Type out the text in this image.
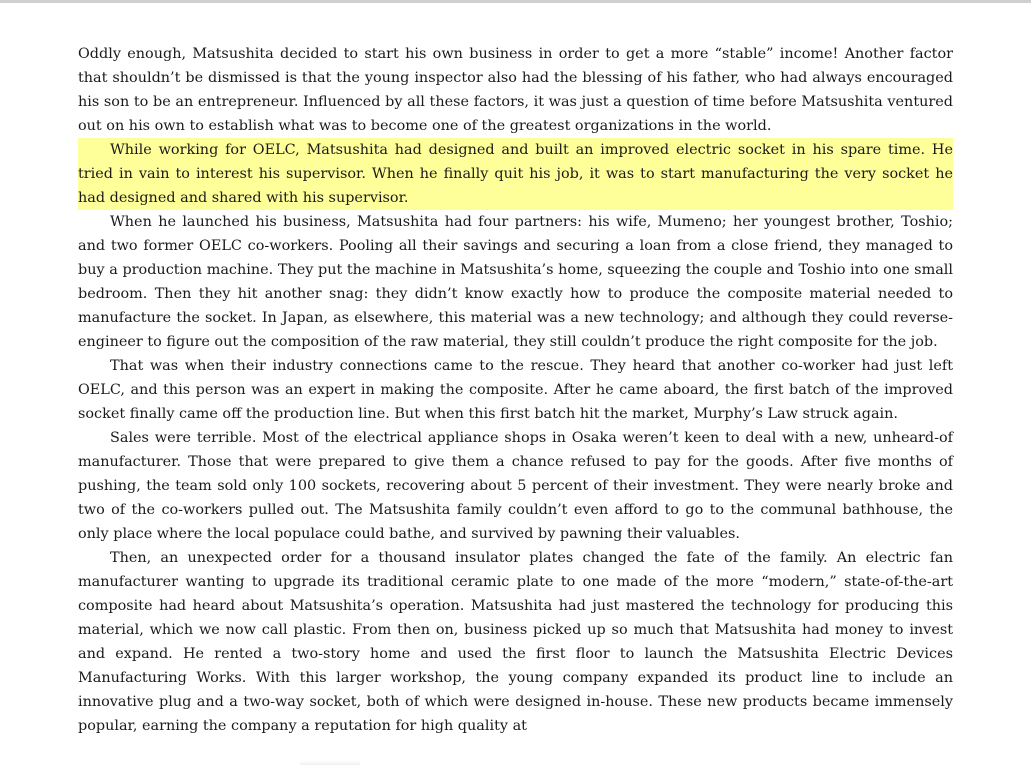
Oddly enough, Matsushita decided to start his own business in order to get a more “stable” income! Another factor that shouldn’t be dismissed is that the young inspector also had the blessing of his father, who had always encouraged his son to be an entrepreneur. Influenced by all these factors, it was just a question of time before Matsushita ventured out on his own to establish what was to become one of the greatest organizations in the world.

While working for OELC, Matsushita had designed and built an improved electric socket in his spare time. He tried in vain to interest his supervisor. When he finally quit his job, it was to start manufacturing the very socket he had designed and shared with his supervisor.

When he launched his business, Matsushita had four partners: his wife, Mumeno; her youngest brother, Toshio; and two former OELC co-workers. Pooling all their savings and securing a loan from a close friend, they managed to buy a production machine. They put the machine in Matsushita’s home, squeezing the couple and Toshio into one small bedroom. Then they hit another snag: they didn’t know exactly how to produce the composite material needed to manufacture the socket. In Japan, as elsewhere, this material was a new technology; and although they could reverse-engineer to figure out the composition of the raw material, they still couldn’t produce the right composite for the job.

That was when their industry connections came to the rescue. They heard that another co-worker had just left OELC, and this person was an expert in making the composite. After he came aboard, the first batch of the improved socket finally came off the production line. But when this first batch hit the market, Murphy’s Law struck again.

Sales were terrible. Most of the electrical appliance shops in Osaka weren’t keen to deal with a new, unheard-of manufacturer. Those that were prepared to give them a chance refused to pay for the goods. After five months of pushing, the team sold only 100 sockets, recovering about 5 percent of their investment. They were nearly broke and two of the co-workers pulled out. The Matsushita family couldn’t even afford to go to the communal bathhouse, the only place where the local populace could bathe, and survived by pawning their valuables.

Then, an unexpected order for a thousand insulator plates changed the fate of the family. An electric fan manufacturer wanting to upgrade its traditional ceramic plate to one made of the more “modern,” state-of-the-art composite had heard about Matsushita’s operation. Matsushita had just mastered the technology for producing this material, which we now call plastic. From then on, business picked up so much that Matsushita had money to invest and expand. He rented a two-story home and used the first floor to launch the Matsushita Electric Devices Manufacturing Works. With this larger workshop, the young company expanded its product line to include an innovative plug and a two-way socket, both of which were designed in-house. These new products became immensely popular, earning the company a reputation for high quality at
